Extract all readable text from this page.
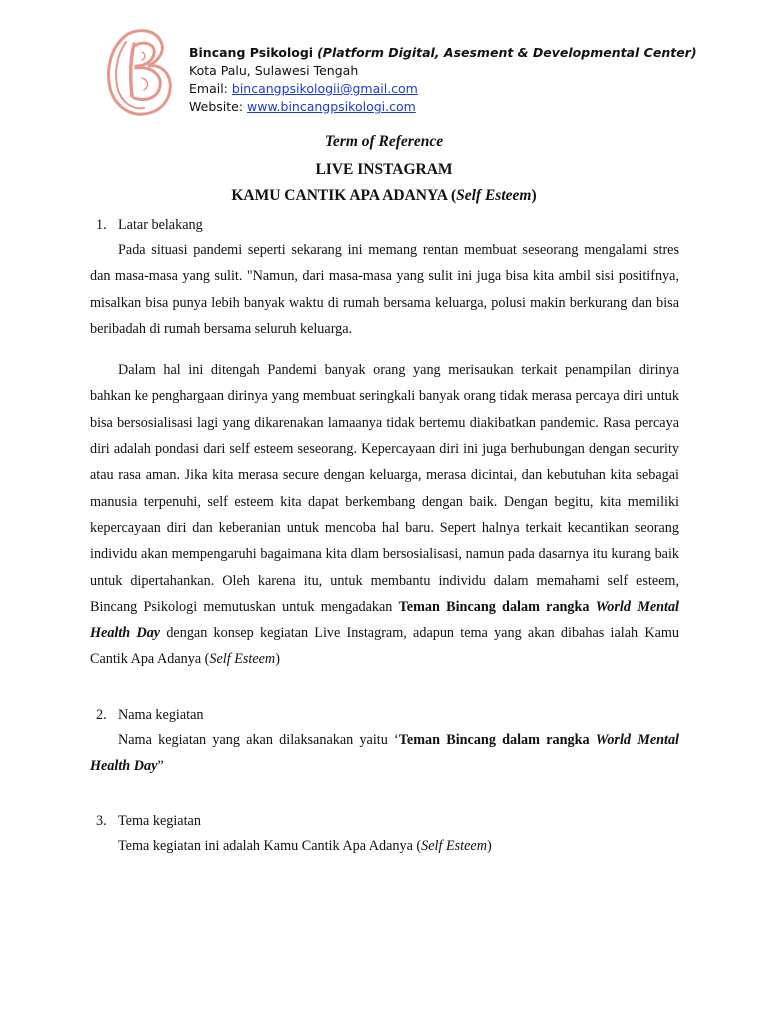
Bincang Psikologi (Platform Digital, Asesment & Developmental Center)
Kota Palu, Sulawesi Tengah
Email: bincangpsikologii@gmail.com
Website: www.bincangpsikologi.com
Term of Reference
LIVE INSTAGRAM
KAMU CANTIK APA ADANYA (Self Esteem)
1. Latar belakang

Pada situasi pandemi seperti sekarang ini memang rentan membuat seseorang mengalami stres dan masa-masa yang sulit. "Namun, dari masa-masa yang sulit ini juga bisa kita ambil sisi positifnya, misalkan bisa punya lebih banyak waktu di rumah bersama keluarga, polusi makin berkurang dan bisa beribadah di rumah bersama seluruh keluarga.

Dalam hal ini ditengah Pandemi banyak orang yang merisaukan terkait penampilan dirinya bahkan ke penghargaan dirinya yang membuat seringkali banyak orang tidak merasa percaya diri untuk bisa bersosialisasi lagi yang dikarenakan lamaanya tidak bertemu diakibatkan pandemic. Rasa percaya diri adalah pondasi dari self esteem seseorang. Kepercayaan diri ini juga berhubungan dengan security atau rasa aman. Jika kita merasa secure dengan keluarga, merasa dicintai, dan kebutuhan kita sebagai manusia terpenuhi, self esteem kita dapat berkembang dengan baik. Dengan begitu, kita memiliki kepercayaan diri dan keberanian untuk mencoba hal baru. Sepert halnya terkait kecantikan seorang individu akan mempengaruhi bagaimana kita dlam bersosialisasi, namun pada dasarnya itu kurang baik untuk dipertahankan. Oleh karena itu, untuk membantu individu dalam memahami self esteem, Bincang Psikologi memutuskan untuk mengadakan Teman Bincang dalam rangka World Mental Health Day dengan konsep kegiatan Live Instagram, adapun tema yang akan dibahas ialah Kamu Cantik Apa Adanya (Self Esteem)

2. Nama kegiatan

Nama kegiatan yang akan dilaksanakan yaitu ‘Teman Bincang dalam rangka World Mental Health Day”

3. Tema kegiatan

Tema kegiatan ini adalah Kamu Cantik Apa Adanya (Self Esteem)
